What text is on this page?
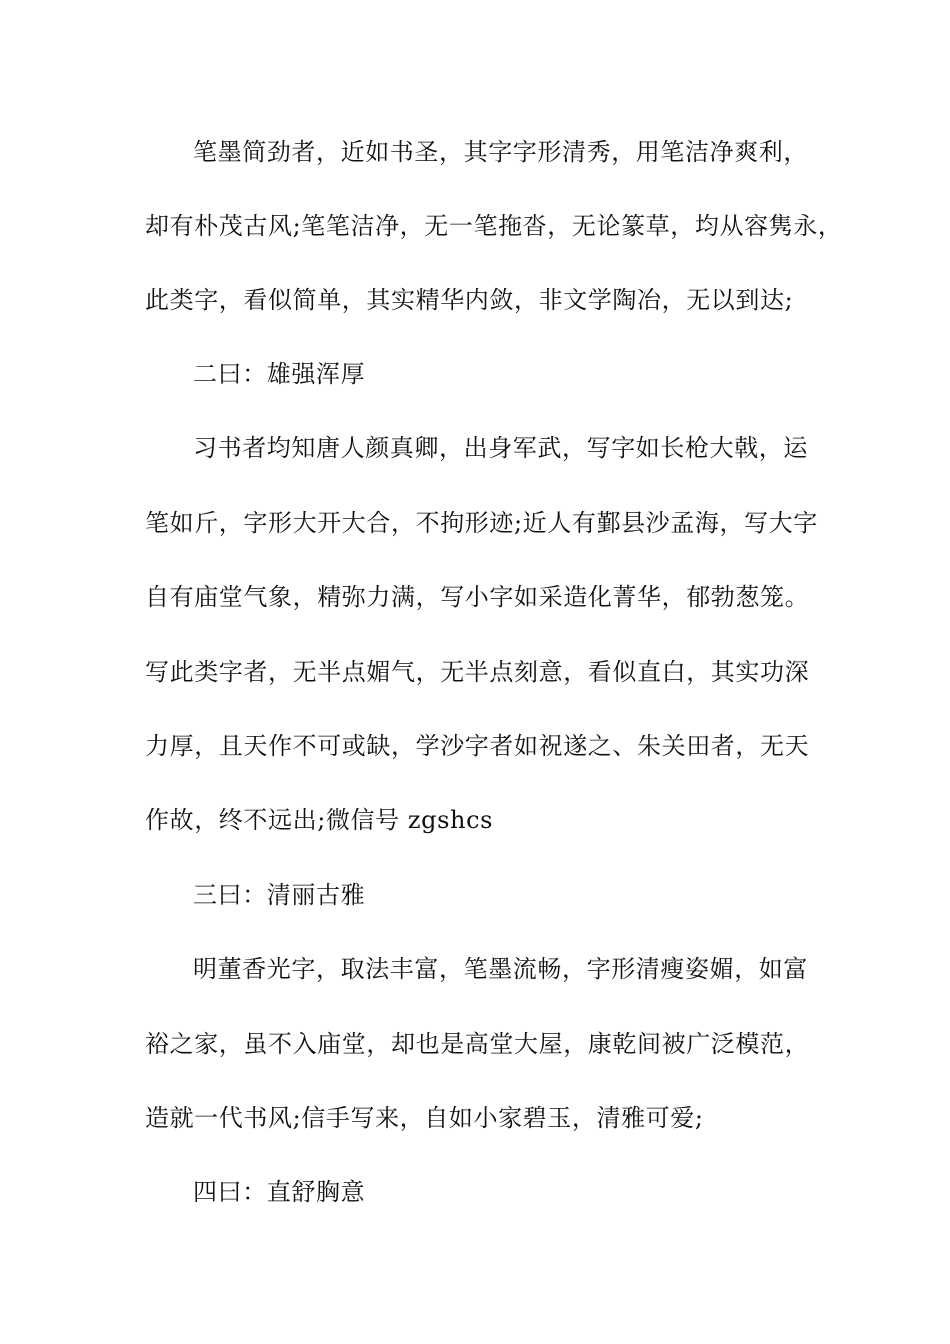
笔墨简劲者，近如书圣，其字字形清秀，用笔洁净爽利，
却有朴茂古风;笔笔洁净，无一笔拖沓，无论篆草，均从容隽永，
此类字，看似简单，其实精华内敛，非文学陶冶，无以到达;
二曰：雄强浑厚
习书者均知唐人颜真卿，出身军武，写字如长枪大戟，运
笔如斤，字形大开大合，不拘形迹;近人有鄞县沙孟海，写大字
自有庙堂气象，精弥力满，写小字如采造化菁华，郁勃葱笼。
写此类字者，无半点媚气，无半点刻意，看似直白，其实功深
力厚，且天作不可或缺，学沙字者如祝遂之、朱关田者，无天
作故，终不远出;微信号 zgshcs
三曰：清丽古雅
明董香光字，取法丰富，笔墨流畅，字形清瘦姿媚，如富
裕之家，虽不入庙堂，却也是高堂大屋，康乾间被广泛模范，
造就一代书风;信手写来，自如小家碧玉，清雅可爱;
四曰：直舒胸意
